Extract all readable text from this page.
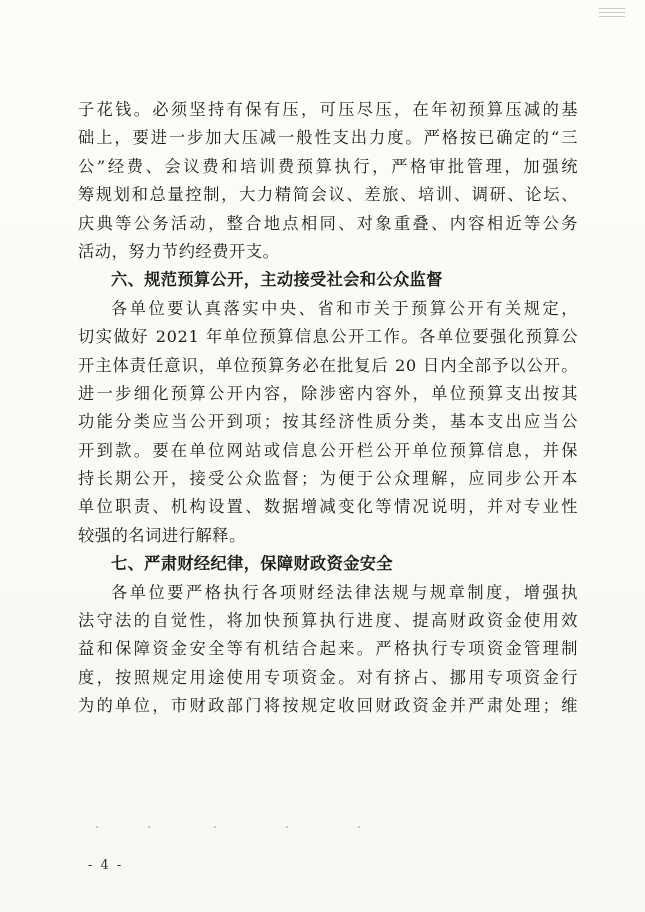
子花钱。必须坚持有保有压，可压尽压，在年初预算压减的基
础上，要进一步加大压减一般性支出力度。严格按已确定的“三
公”经费、会议费和培训费预算执行，严格审批管理，加强统
筹规划和总量控制，大力精简会议、差旅、培训、调研、论坛、
庆典等公务活动，整合地点相同、对象重叠、内容相近等公务
活动，努力节约经费开支。
六、规范预算公开，主动接受社会和公众监督
各单位要认真落实中央、省和市关于预算公开有关规定，
切实做好 2021 年单位预算信息公开工作。各单位要强化预算公
开主体责任意识，单位预算务必在批复后 20 日内全部予以公开。
进一步细化预算公开内容，除涉密内容外，单位预算支出按其
功能分类应当公开到项；按其经济性质分类，基本支出应当公
开到款。要在单位网站或信息公开栏公开单位预算信息，并保
持长期公开，接受公众监督；为便于公众理解，应同步公开本
单位职责、机构设置、数据增减变化等情况说明，并对专业性
较强的名词进行解释。
七、严肃财经纪律，保障财政资金安全
各单位要严格执行各项财经法律法规与规章制度，增强执
法守法的自觉性，将加快预算执行进度、提高财政资金使用效
益和保障资金安全等有机结合起来。严格执行专项资金管理制
度，按照规定用途使用专项资金。对有挤占、挪用专项资金行
为的单位，市财政部门将按规定收回财政资金并严肃处理；维
- 4 -
